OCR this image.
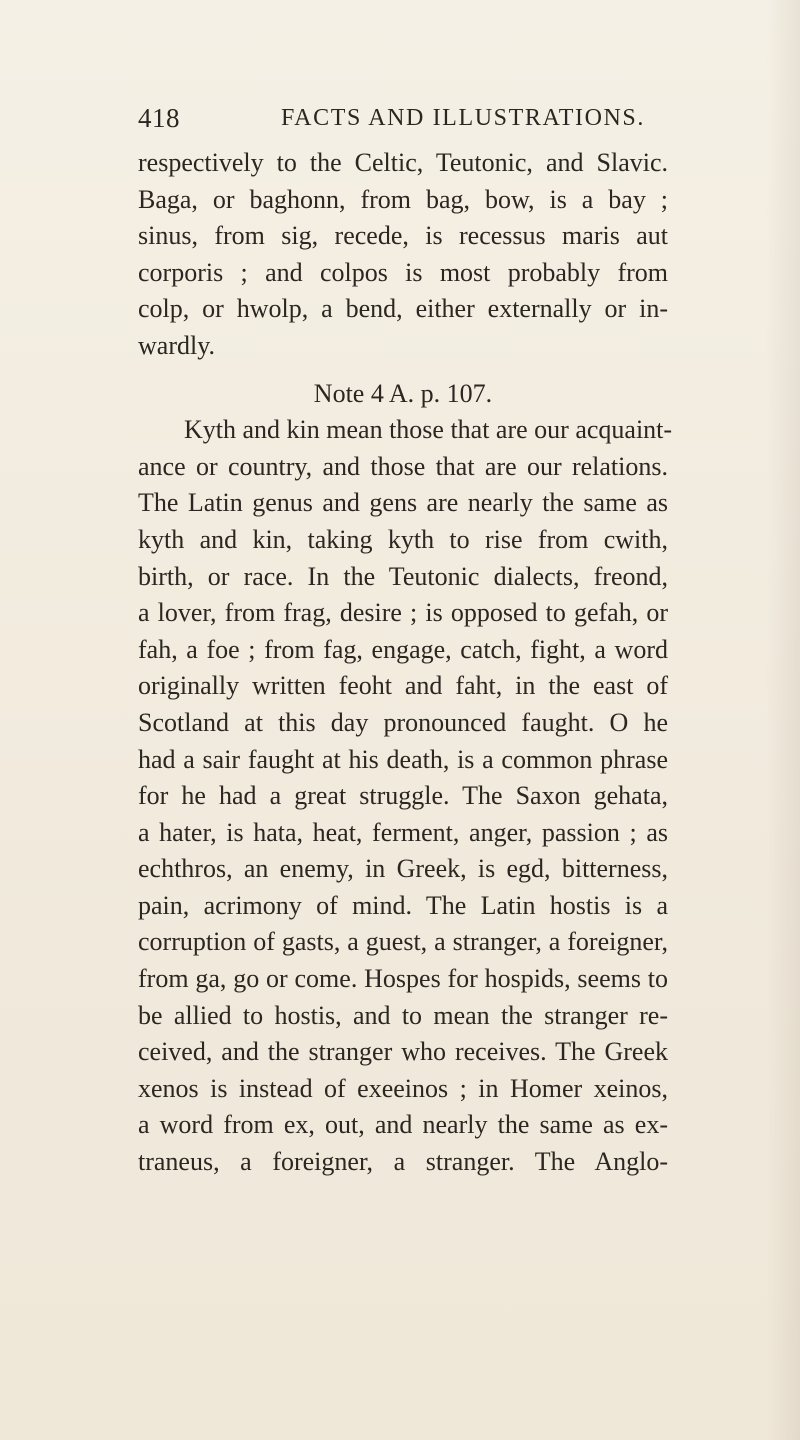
418	FACTS AND ILLUSTRATIONS.
respectively to the Celtic, Teutonic, and Slavic.
Baga, or baghonn, from bag, bow, is a bay ;
sinus, from sig, recede, is recessus maris aut
corporis ; and colpos is most probably from
colp, or hwolp, a bend, either externally or in-
wardly.
Note 4 A. p. 107.
Kyth and kin mean those that are our acquaint-
ance or country, and those that are our relations.
The Latin genus and gens are nearly the same as
kyth and kin, taking kyth to rise from cwith,
birth, or race. In the Teutonic dialects, freond,
a lover, from frag, desire ; is opposed to gefah, or
fah, a foe ; from fag, engage, catch, fight, a word
originally written feoht and faht, in the east of
Scotland at this day pronounced faught. O he
had a sair faught at his death, is a common phrase
for he had a great struggle. The Saxon gehata,
a hater, is hata, heat, ferment, anger, passion ; as
echthros, an enemy, in Greek, is egd, bitterness,
pain, acrimony of mind. The Latin hostis is a
corruption of gasts, a guest, a stranger, a foreigner,
from ga, go or come. Hospes for hospids, seems to
be allied to hostis, and to mean the stranger re-
ceived, and the stranger who receives. The Greek
xenos is instead of exeeinos ; in Homer xeinos,
a word from ex, out, and nearly the same as ex-
traneus, a foreigner, a stranger. The Anglo-
